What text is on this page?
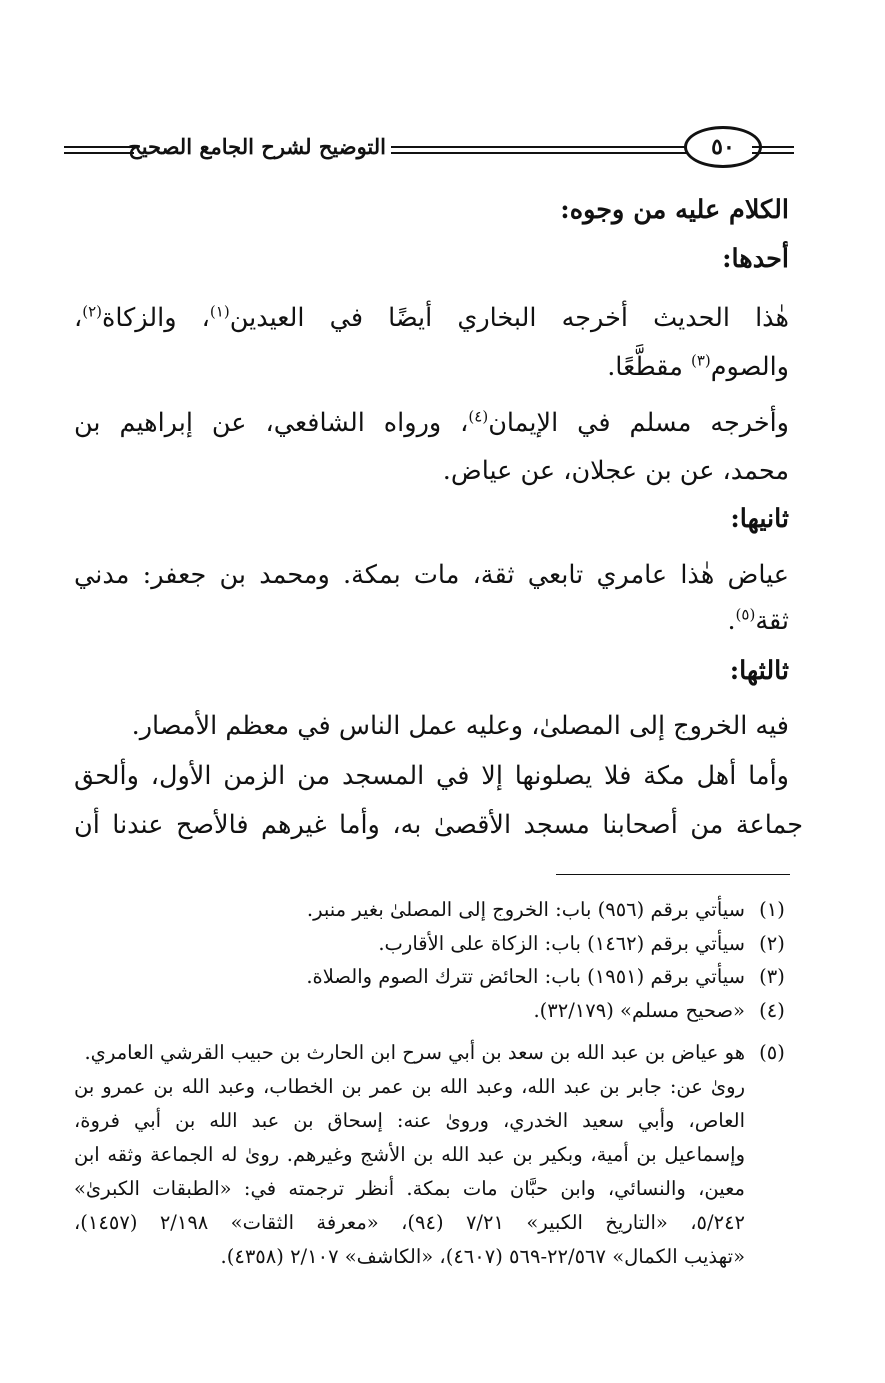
التوضيح لشرح الجامع الصحيح	٥٠
الكلام عليه من وجوه:
أحدها:
هٰذا الحديث أخرجه البخاري أيضًا في العيدين$^{(١)}$، والزكاة$^{(٢)}$،
والصوم$^{(٣)}$ مقطَّعًا.
وأخرجه مسلم في الإيمان$^{(٤)}$، ورواه الشافعي، عن إبراهيم بن
محمد، عن بن عجلان، عن عياض.
ثانيها:
عياض هٰذا عامري تابعي ثقة، مات بمكة. ومحمد بن جعفر: مدني
ثقة$^{(٥)}$.
ثالثها:
فيه الخروج إلى المصلىٰ، وعليه عمل الناس في معظم الأمصار.
وأما أهل مكة فلا يصلونها إلا في المسجد من الزمن الأول، وألحق
جماعة من أصحابنا مسجد الأقصىٰ به، وأما غيرهم فالأصح عندنا أن
(١)
سيأتي برقم (٩٥٦) باب: الخروج إلى المصلىٰ بغير منبر.
(٢)
سيأتي برقم (١٤٦٢) باب: الزكاة على الأقارب.
(٣)
سيأتي برقم (١٩٥١) باب: الحائض تترك الصوم والصلاة.
(٤)
«صحيح مسلم» (٣٢/١٧٩).
(٥)
هو عياض بن عبد الله بن سعد بن أبي سرح ابن الحارث بن حبيب القرشي العامري.
روىٰ عن: جابر بن عبد الله، وعبد الله بن عمر بن الخطاب، وعبد الله بن عمرو بن
العاص، وأبي سعيد الخدري، وروىٰ عنه: إسحاق بن عبد الله بن أبي فروة،
وإسماعيل بن أمية، وبكير بن عبد الله بن الأشج وغيرهم. روىٰ له الجماعة وثقه ابن
معين، والنسائي، وابن حبَّان مات بمكة. أنظر ترجمته في: «الطبقات الكبرىٰ»
٥/٢٤٢، «التاريخ الكبير» ٧/٢١ (٩٤)، «معرفة الثقات» ٢/١٩٨ (١٤٥٧)،
«تهذيب الكمال» ٢٢/٥٦٧-٥٦٩ (٤٦٠٧)، «الكاشف» ٢/١٠٧ (٤٣٥٨).
